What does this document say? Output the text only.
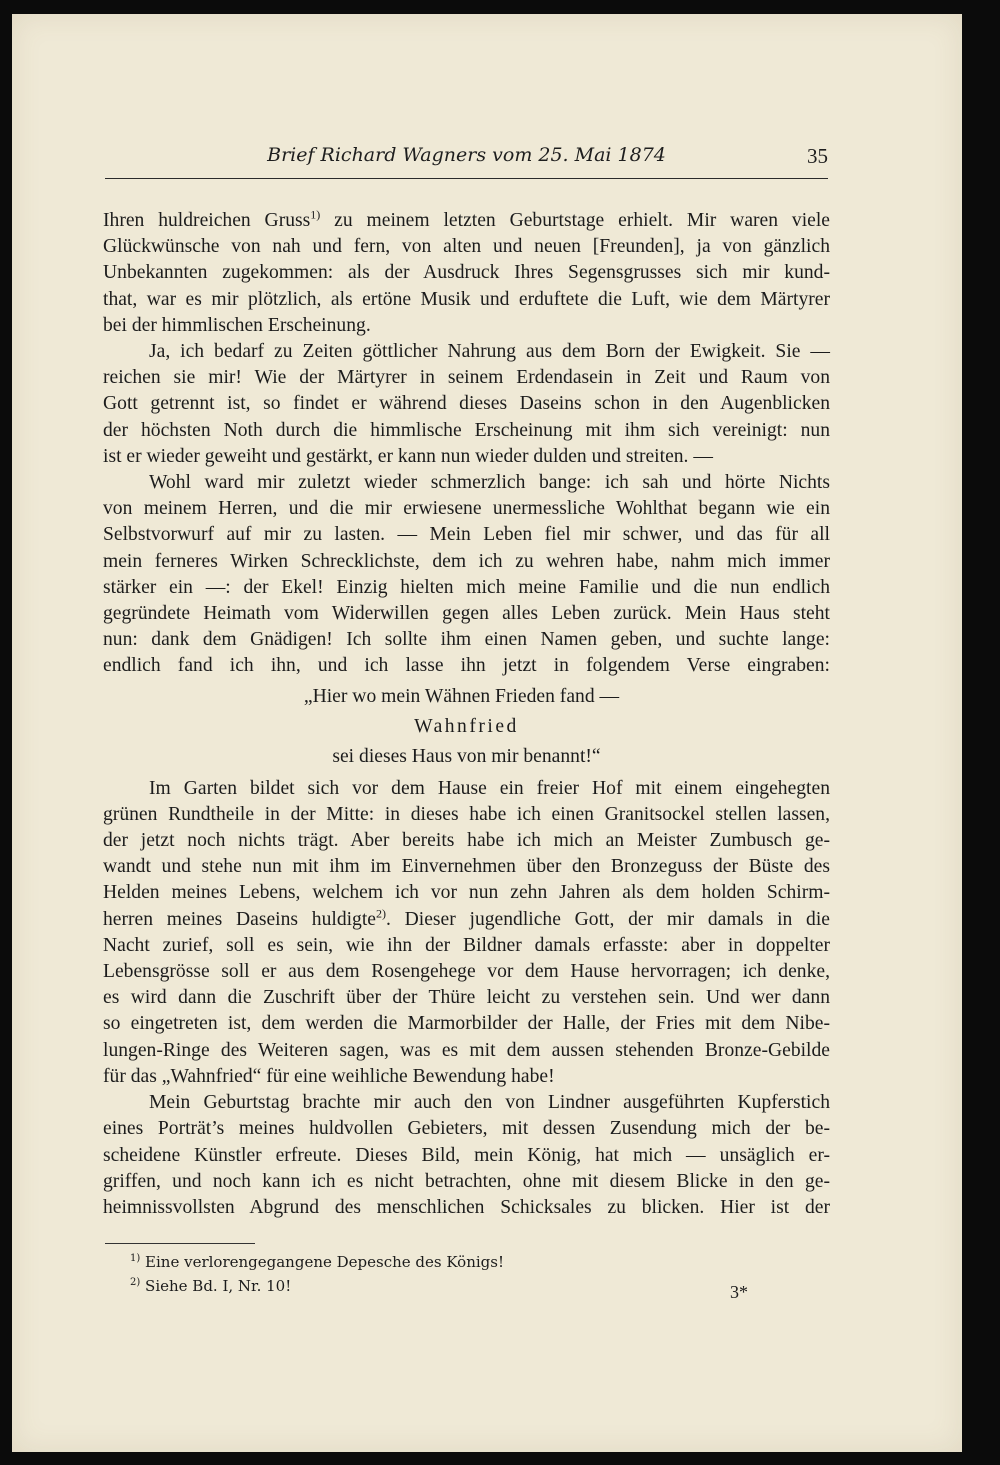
Brief Richard Wagners vom 25. Mai 1874	35
Ihren huldreichen Gruss$^{1)}$ zu meinem letzten Geburtstage erhielt. Mir waren viele
Glückwünsche von nah und fern, von alten und neuen [Freunden], ja von gänzlich
Unbekannten zugekommen: als der Ausdruck Ihres Segensgrusses sich mir kund-
that, war es mir plötzlich, als ertöne Musik und erduftete die Luft, wie dem Märtyrer
bei der himmlischen Erscheinung.
Ja, ich bedarf zu Zeiten göttlicher Nahrung aus dem Born der Ewigkeit. Sie —
reichen sie mir! Wie der Märtyrer in seinem Erdendasein in Zeit und Raum von
Gott getrennt ist, so findet er während dieses Daseins schon in den Augenblicken
der höchsten Noth durch die himmlische Erscheinung mit ihm sich vereinigt: nun
ist er wieder geweiht und gestärkt, er kann nun wieder dulden und streiten. —
Wohl ward mir zuletzt wieder schmerzlich bange: ich sah und hörte Nichts
von meinem Herren, und die mir erwiesene unermessliche Wohlthat begann wie ein
Selbstvorwurf auf mir zu lasten. — Mein Leben fiel mir schwer, und das für all
mein ferneres Wirken Schrecklichste, dem ich zu wehren habe, nahm mich immer
stärker ein —: der Ekel! Einzig hielten mich meine Familie und die nun endlich
gegründete Heimath vom Widerwillen gegen alles Leben zurück. Mein Haus steht
nun: dank dem Gnädigen! Ich sollte ihm einen Namen geben, und suchte lange:
endlich fand ich ihn, und ich lasse ihn jetzt in folgendem Verse eingraben:
„Hier wo mein Wähnen Frieden fand —
Wahnfried
sei dieses Haus von mir benannt!“
Im Garten bildet sich vor dem Hause ein freier Hof mit einem eingehegten
grünen Rundtheile in der Mitte: in dieses habe ich einen Granitsockel stellen lassen,
der jetzt noch nichts trägt. Aber bereits habe ich mich an Meister Zumbusch ge-
wandt und stehe nun mit ihm im Einvernehmen über den Bronzeguss der Büste des
Helden meines Lebens, welchem ich vor nun zehn Jahren als dem holden Schirm-
herren meines Daseins huldigte$^{2)}$. Dieser jugendliche Gott, der mir damals in die
Nacht zurief, soll es sein, wie ihn der Bildner damals erfasste: aber in doppelter
Lebensgrösse soll er aus dem Rosengehege vor dem Hause hervorragen; ich denke,
es wird dann die Zuschrift über der Thüre leicht zu verstehen sein. Und wer dann
so eingetreten ist, dem werden die Marmorbilder der Halle, der Fries mit dem Nibe-
lungen-Ringe des Weiteren sagen, was es mit dem aussen stehenden Bronze-Gebilde
für das „Wahnfried“ für eine weihliche Bewendung habe!
Mein Geburtstag brachte mir auch den von Lindner ausgeführten Kupferstich
eines Porträt’s meines huldvollen Gebieters, mit dessen Zusendung mich der be-
scheidene Künstler erfreute. Dieses Bild, mein König, hat mich — unsäglich er-
griffen, und noch kann ich es nicht betrachten, ohne mit diesem Blicke in den ge-
heimnissvollsten Abgrund des menschlichen Schicksales zu blicken. Hier ist der
$^{1)}$ Eine verlorengegangene Depesche des Königs!
$^{2)}$ Siehe Bd. I, Nr. 10!	3*
